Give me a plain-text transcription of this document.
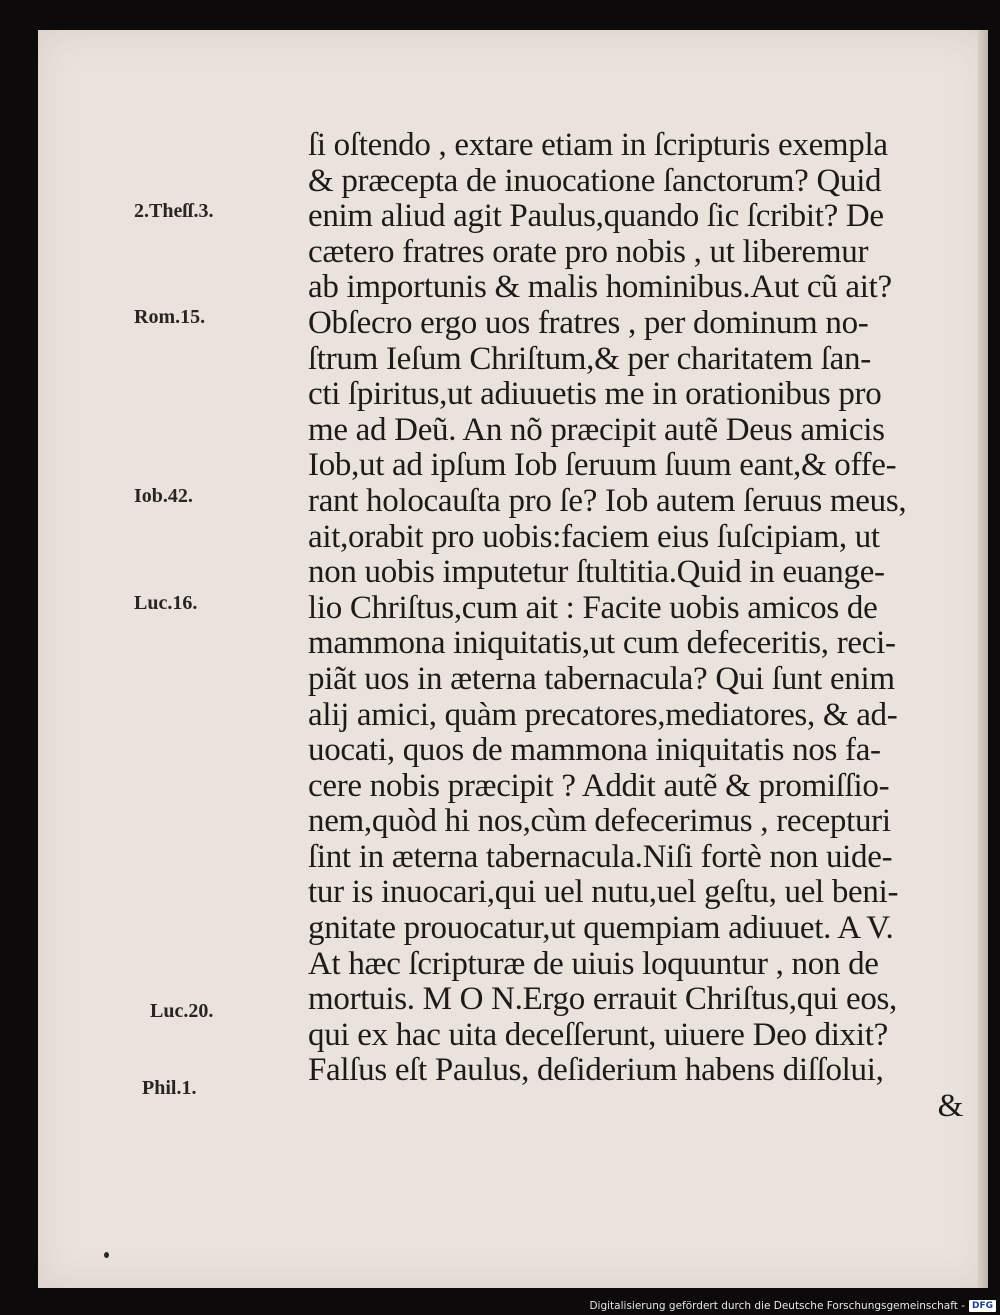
ſi oſtendo , extare etiam in ſcripturis exempla
& præcepta de inuocatione ſanctorum? Quid
enim aliud agit Paulus,quando ſic ſcribit? De
cætero fratres orate pro nobis , ut liberemur
ab importunis & malis hominibus.Aut cũ ait?
Obſecro ergo uos fratres , per dominum no-
ſtrum Ieſum Chriſtum,& per charitatem ſan-
cti ſpiritus,ut adiuuetis me in orationibus pro
me ad Deũ. An nõ præcipit autẽ Deus amicis
Iob,ut ad ipſum Iob ſeruum ſuum eant,& offe-
rant holocauſta pro ſe? Iob autem ſeruus meus,
ait,orabit pro uobis:faciem eius ſuſcipiam, ut
non uobis imputetur ſtultitia.Quid in euange-
lio Chriſtus,cum ait : Facite uobis amicos de
mammona iniquitatis,ut cum defeceritis, reci-
piãt uos in æterna tabernacula? Qui ſunt enim
alij amici, quàm precatores,mediatores, & ad-
uocati, quos de mammona iniquitatis nos fa-
cere nobis præcipit ? Addit autẽ & promiſſio-
nem,quòd hi nos,cùm defecerimus , recepturi
ſint in æterna tabernacula.Niſi fortè non uide-
tur is inuocari,qui uel nutu,uel geſtu, uel beni-
gnitate prouocatur,ut quempiam adiuuet. A V.
At hæc ſcripturæ de uiuis loquuntur , non de
mortuis. M O N.Ergo errauit Chriſtus,qui eos,
qui ex hac uita deceſſerunt, uiuere Deo dixit?
Falſus eſt Paulus, deſiderium habens diſſolui,
&
2.Theſſ.3.
Rom.15.
Iob.42.
Luc.16.
Luc.20.
Phil.1.
Digitalisierung gefördert durch die Deutsche Forschungsgemeinschaft - DFG
